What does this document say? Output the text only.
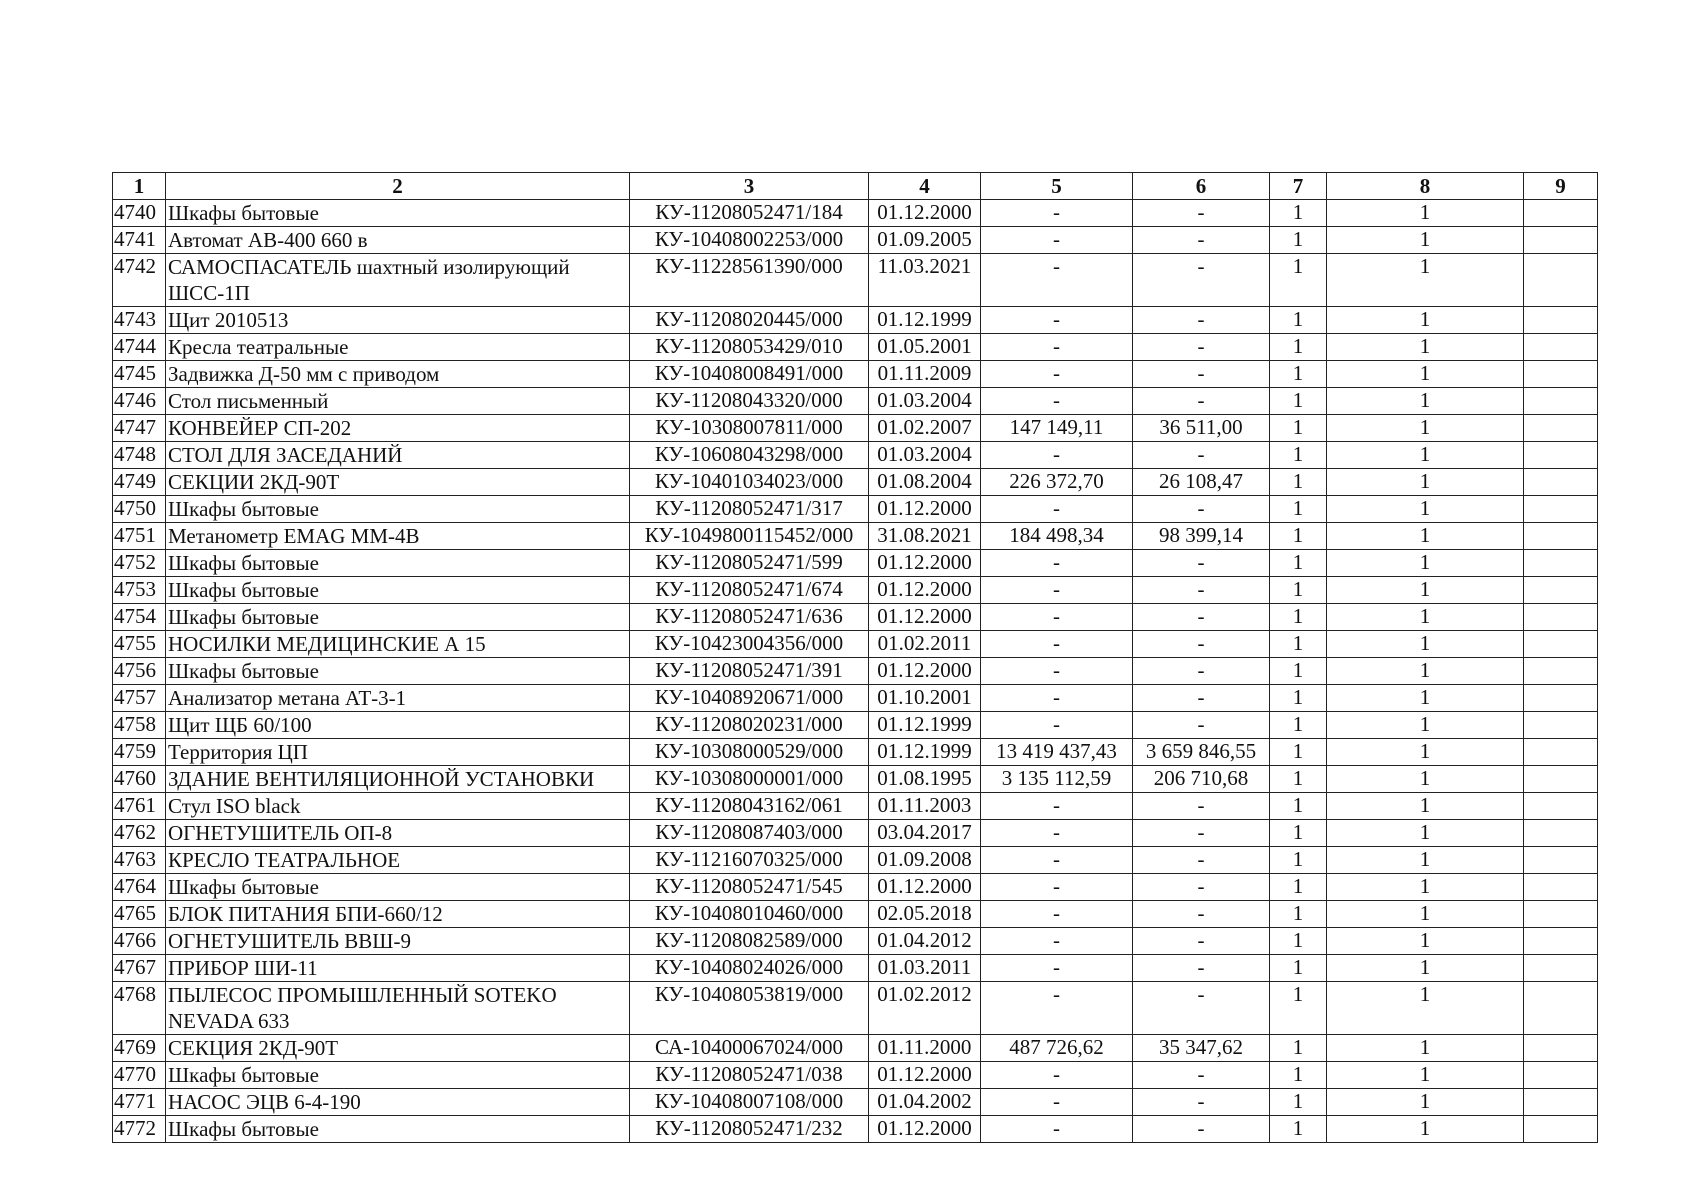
1	2	3	4	5	6	7	8	9
4740	Шкафы бытовые	КУ-11208052471/184	01.12.2000	-	-	1	1	
4741	Автомат АВ-400 660 в	КУ-10408002253/000	01.09.2005	-	-	1	1	
4742	САМОСПАСАТЕЛЬ шахтный изолирующий ШСС-1П	КУ-11228561390/000	11.03.2021	-	-	1	1	
4743	Щит 2010513	КУ-11208020445/000	01.12.1999	-	-	1	1	
4744	Кресла театральные	КУ-11208053429/010	01.05.2001	-	-	1	1	
4745	Задвижка Д-50 мм с приводом	КУ-10408008491/000	01.11.2009	-	-	1	1	
4746	Стол письменный	КУ-11208043320/000	01.03.2004	-	-	1	1	
4747	КОНВЕЙЕР СП-202	КУ-10308007811/000	01.02.2007	147 149,11	36 511,00	1	1	
4748	СТОЛ ДЛЯ ЗАСЕДАНИЙ	КУ-10608043298/000	01.03.2004	-	-	1	1	
4749	СЕКЦИИ 2КД-90Т	КУ-10401034023/000	01.08.2004	226 372,70	26 108,47	1	1	
4750	Шкафы бытовые	КУ-11208052471/317	01.12.2000	-	-	1	1	
4751	Метанометр EMAG MM-4B	КУ-1049800115452/000	31.08.2021	184 498,34	98 399,14	1	1	
4752	Шкафы бытовые	КУ-11208052471/599	01.12.2000	-	-	1	1	
4753	Шкафы бытовые	КУ-11208052471/674	01.12.2000	-	-	1	1	
4754	Шкафы бытовые	КУ-11208052471/636	01.12.2000	-	-	1	1	
4755	НОСИЛКИ МЕДИЦИНСКИЕ А 15	КУ-10423004356/000	01.02.2011	-	-	1	1	
4756	Шкафы бытовые	КУ-11208052471/391	01.12.2000	-	-	1	1	
4757	Анализатор метана АТ-3-1	КУ-10408920671/000	01.10.2001	-	-	1	1	
4758	Щит ЩБ 60/100	КУ-11208020231/000	01.12.1999	-	-	1	1	
4759	Территория ЦП	КУ-10308000529/000	01.12.1999	13 419 437,43	3 659 846,55	1	1	
4760	ЗДАНИЕ ВЕНТИЛЯЦИОННОЙ УСТАНОВКИ	КУ-10308000001/000	01.08.1995	3 135 112,59	206 710,68	1	1	
4761	Стул ISO black	КУ-11208043162/061	01.11.2003	-	-	1	1	
4762	ОГНЕТУШИТЕЛЬ ОП-8	КУ-11208087403/000	03.04.2017	-	-	1	1	
4763	КРЕСЛО ТЕАТРАЛЬНОЕ	КУ-11216070325/000	01.09.2008	-	-	1	1	
4764	Шкафы бытовые	КУ-11208052471/545	01.12.2000	-	-	1	1	
4765	БЛОК ПИТАНИЯ БПИ-660/12	КУ-10408010460/000	02.05.2018	-	-	1	1	
4766	ОГНЕТУШИТЕЛЬ ВВШ-9	КУ-11208082589/000	01.04.2012	-	-	1	1	
4767	ПРИБОР ШИ-11	КУ-10408024026/000	01.03.2011	-	-	1	1	
4768	ПЫЛЕСОС ПРОМЫШЛЕННЫЙ SOTEKO NEVADA 633	КУ-10408053819/000	01.02.2012	-	-	1	1	
4769	СЕКЦИЯ 2КД-90Т	СА-10400067024/000	01.11.2000	487 726,62	35 347,62	1	1	
4770	Шкафы бытовые	КУ-11208052471/038	01.12.2000	-	-	1	1	
4771	НАСОС ЭЦВ 6-4-190	КУ-10408007108/000	01.04.2002	-	-	1	1	
4772	Шкафы бытовые	КУ-11208052471/232	01.12.2000	-	-	1	1	
